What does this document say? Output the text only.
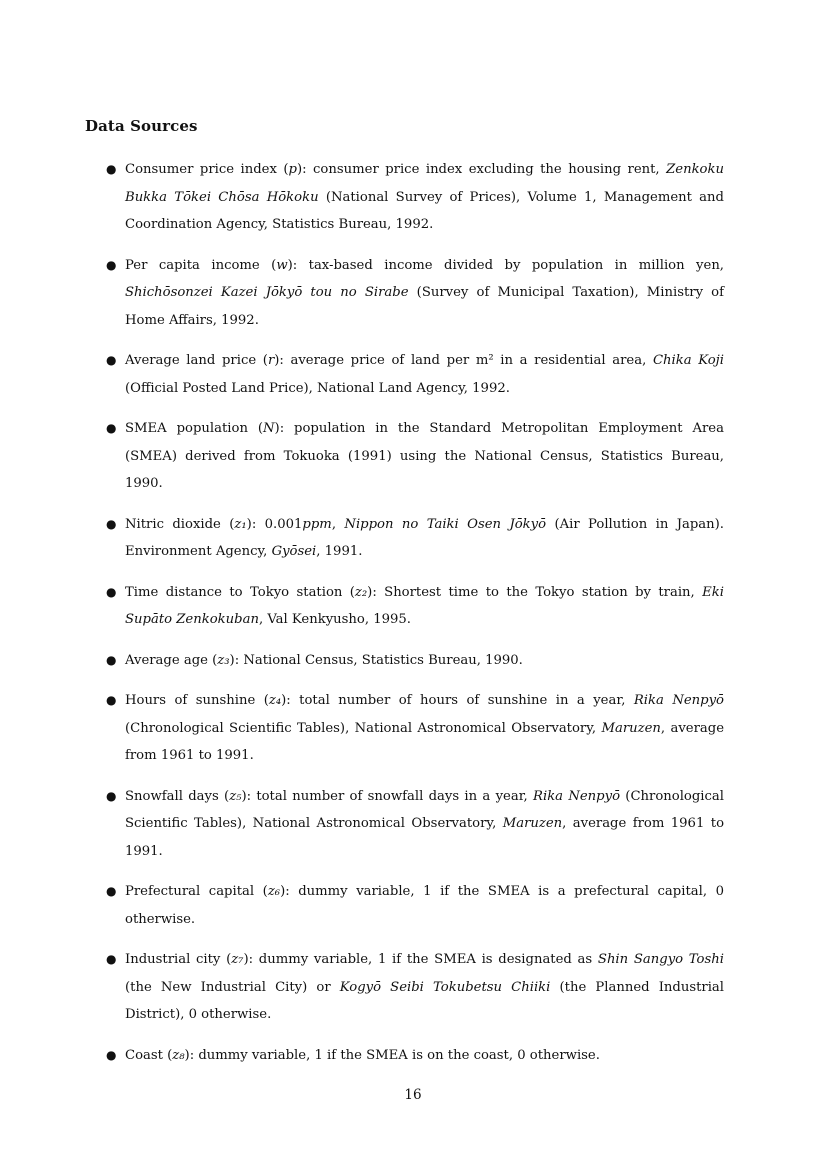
Data Sources
● Consumer price index (p): consumer price index excluding the housing rent, Zenkoku Bukka Tōkei Chōsa Hōkoku (National Survey of Prices), Volume 1, Management and Coordination Agency, Statistics Bureau, 1992.
● Per capita income (w): tax-based income divided by population in million yen, Shichōsonzei Kazei Jōkyō tou no Sirabe (Survey of Municipal Taxation), Ministry of Home Affairs, 1992.
● Average land price (r): average price of land per m² in a residential area, Chika Koji (Official Posted Land Price), National Land Agency, 1992.
● SMEA population (N): population in the Standard Metropolitan Employment Area (SMEA) derived from Tokuoka (1991) using the National Census, Statistics Bureau, 1990.
● Nitric dioxide (z₁): 0.001ppm, Nippon no Taiki Osen Jōkyō (Air Pollution in Japan). Environment Agency, Gyōsei, 1991.
● Time distance to Tokyo station (z₂): Shortest time to the Tokyo station by train, Eki Supāto Zenkokuban, Val Kenkyusho, 1995.
● Average age (z₃): National Census, Statistics Bureau, 1990.
● Hours of sunshine (z₄): total number of hours of sunshine in a year, Rika Nenpyō (Chronological Scientific Tables), National Astronomical Observatory, Maruzen, average from 1961 to 1991.
● Snowfall days (z₅): total number of snowfall days in a year, Rika Nenpyō (Chronological Scientific Tables), National Astronomical Observatory, Maruzen, average from 1961 to 1991.
● Prefectural capital (z₆): dummy variable, 1 if the SMEA is a prefectural capital, 0 otherwise.
● Industrial city (z₇): dummy variable, 1 if the SMEA is designated as Shin Sangyo Toshi (the New Industrial City) or Kogyō Seibi Tokubetsu Chiiki (the Planned Industrial District), 0 otherwise.
● Coast (z₈): dummy variable, 1 if the SMEA is on the coast, 0 otherwise.
16
